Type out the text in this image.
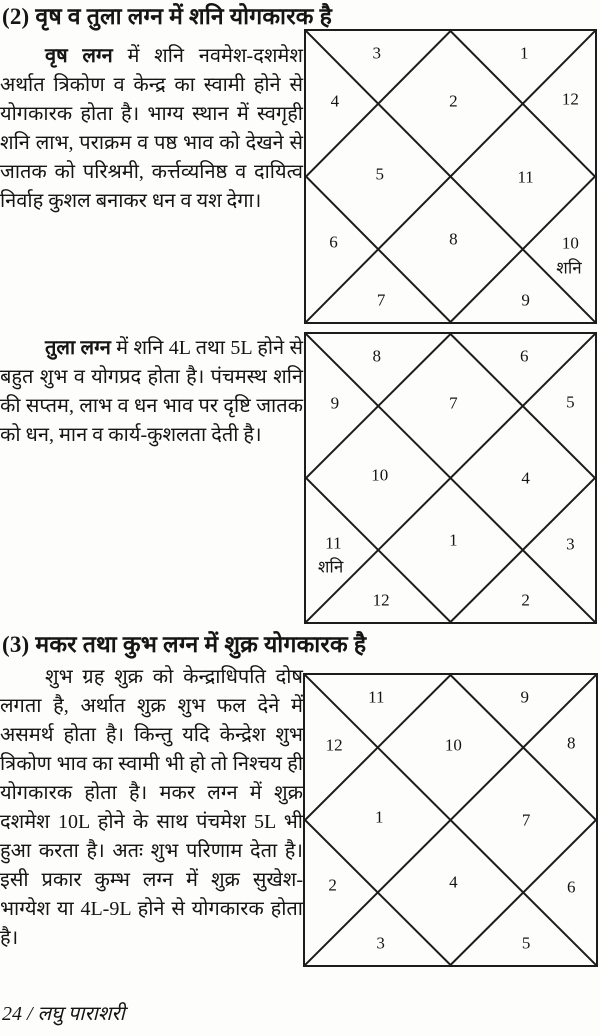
(2) वृष व तुला लग्न में शनि योगकारक है

वृष लग्न में शनि नवमेश-दशमेश अर्थात त्रिकोण व केन्द्र का स्वामी होने से योगकारक होता है। भाग्य स्थान में स्वगृही शनि लाभ, पराक्रम व पष्ठ भाव को देखने से जातक को परिश्रमी, कर्त्तव्यनिष्ठ व दायित्व निर्वाह कुशल बनाकर धन व यश देगा।

2
3
4
5
6
7
8
9
10
11
12
1
शनि

तुला लग्न में शनि 4L तथा 5L होने से बहुत शुभ व योगप्रद होता है। पंचमस्थ शनि की सप्तम, लाभ व धन भाव पर दृष्टि जातक को धन, मान व कार्य-कुशलता देती है।

7
8
9
10
11
12
1
2
3
4
5
6
शनि
(3) मकर तथा कुभ लग्न में शुक्र योगकारक है

शुभ ग्रह शुक्र को केन्द्राधिपति दोष लगता है, अर्थात शुक्र शुभ फल देने में असमर्थ होता है। किन्तु यदि केन्द्रेश शुभ त्रिकोण भाव का स्वामी भी हो तो निश्चय ही योगकारक होता है। मकर लग्न में शुक्र दशमेश 10L होने के साथ पंचमेश 5L भी हुआ करता है। अतः शुभ परिणाम देता है। इसी प्रकार कुम्भ लग्न में शुक्र सुखेश-भाग्येश या 4L-9L होने से योगकारक होता है।

10
11
12
1
2
3
4
5
6
7
8
9
24 / लघु पाराशरी
